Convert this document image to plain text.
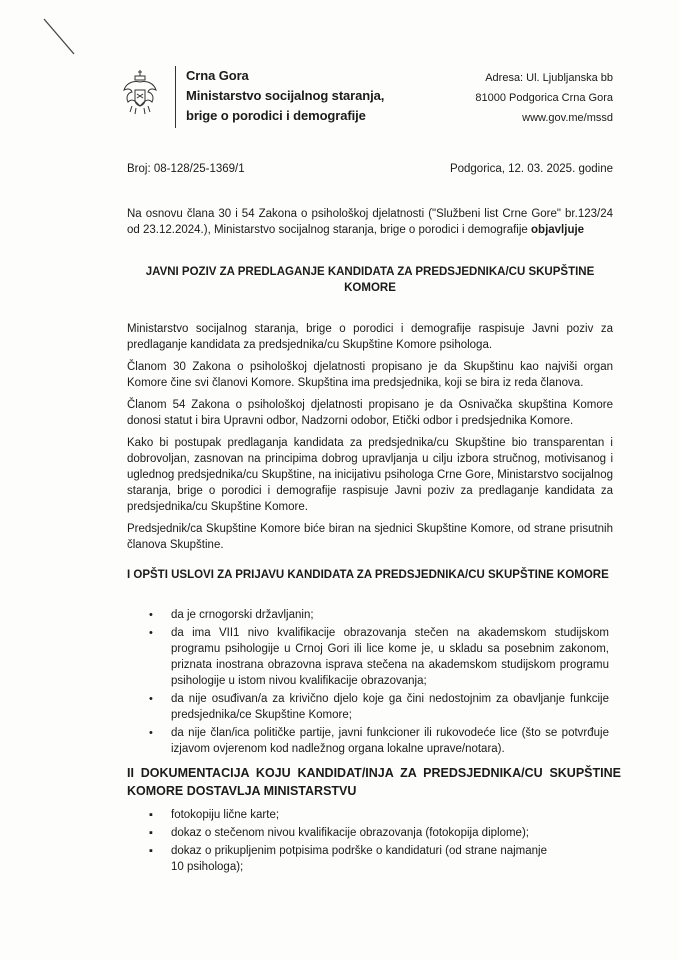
Crna Gora
Ministarstvo socijalnog staranja,
brige o porodici i demografije
Adresa: Ul. Ljubljanska bb
81000 Podgorica Crna Gora
www.gov.me/mssd
Broj: 08-128/25-1369/1	Podgorica, 12. 03. 2025. godine
Na osnovu člana 30 i 54 Zakona o psihološkoj djelatnosti ("Službeni list Crne Gore" br.123/24 od 23.12.2024.), Ministarstvo socijalnog staranja, brige o porodici i demografije objavljuje
JAVNI POZIV ZA PREDLAGANJE KANDIDATA ZA PREDSJEDNIKA/CU SKUPŠTINE KOMORE

Ministarstvo socijalnog staranja, brige o porodici i demografije raspisuje Javni poziv za predlaganje kandidata za predsjednika/cu Skupštine Komore psihologa.

Članom 30 Zakona o psihološkoj djelatnosti propisano je da Skupštinu kao najviši organ Komore čine svi članovi Komore. Skupština ima predsjednika, koji se bira iz reda članova.

Članom 54 Zakona o psihološkoj djelatnosti propisano je da Osnivačka skupština Komore donosi statut i bira Upravni odbor, Nadzorni odobor, Etički odbor i predsjednika Komore.

Kako bi postupak predlaganja kandidata za predsjednika/cu Skupštine bio transparentan i dobrovoljan, zasnovan na principima dobrog upravljanja u cilju izbora stručnog, motivisanog i uglednog predsjednika/cu Skupštine, na inicijativu psihologa Crne Gore, Ministarstvo socijalnog staranja, brige o porodici i demografije raspisuje Javni poziv za predlaganje kandidata za predsjednika/cu Skupštine Komore.

Predsjednik/ca Skupštine Komore biće biran na sjednici Skupštine Komore, od strane prisutnih članova Skupštine.

I OPŠTI USLOVI ZA PRIJAVU KANDIDATA ZA PREDSJEDNIKA/CU SKUPŠTINE KOMORE
• da je crnogorski državljanin;
• da ima VII1 nivo kvalifikacije obrazovanja stečen na akademskom studijskom programu psihologije u Crnoj Gori ili lice kome je, u skladu sa posebnim zakonom, priznata inostrana obrazovna isprava stečena na akademskom studijskom programu psihologije u istom nivou kvalifikacije obrazovanja;
• da nije osuđivan/a za krivično djelo koje ga čini nedostojnim za obavljanje funkcije predsjednika/ce Skupštine Komore;
• da nije član/ica političke partije, javni funkcioner ili rukovodeće lice (što se potvrđuje izjavom ovjerenom kod nadležnog organa lokalne uprave/notara).
II DOKUMENTACIJA KOJU KANDIDAT/INJA ZA PREDSJEDNIKA/CU SKUPŠTINE KOMORE DOSTAVLJA MINISTARSTVU
▪ fotokopiju lične karte;
▪ dokaz o stečenom nivou kvalifikacije obrazovanja (fotokopija diplome);
▪ dokaz o prikupljenim potpisima podrške o kandidaturi (od strane najmanje 10 psihologa);
